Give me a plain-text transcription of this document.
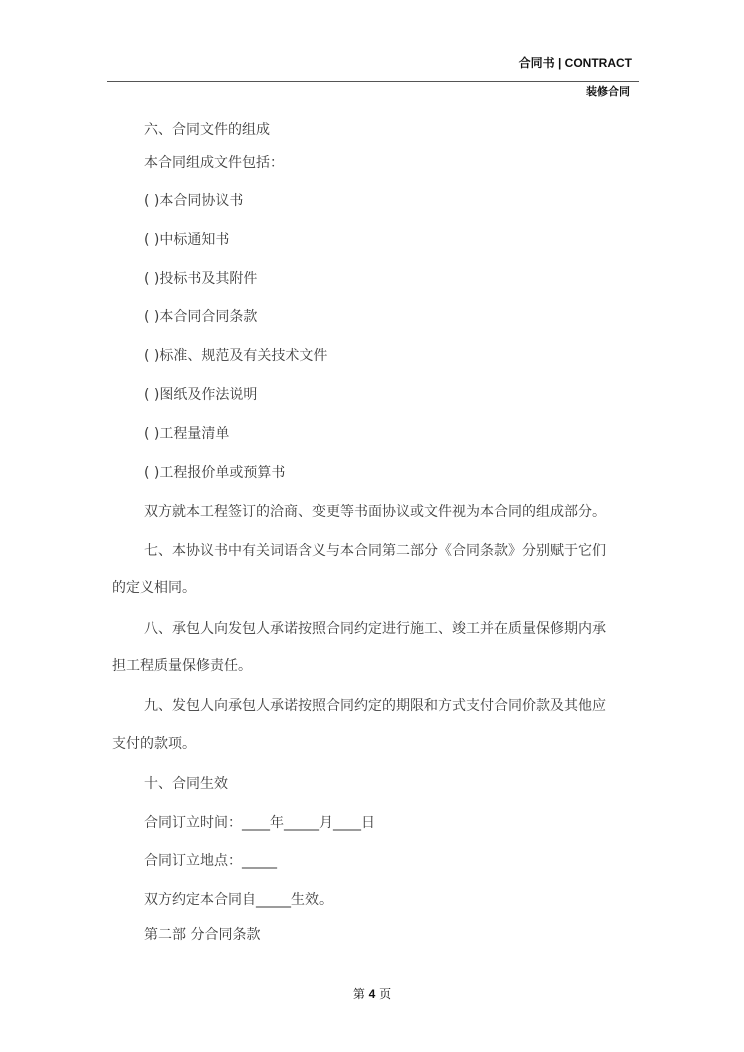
合同书 | CONTRACT
装修合同
六、合同文件的组成
本合同组成文件包括：
( )本合同协议书
( )中标通知书
( )投标书及其附件
( )本合同合同条款
( )标准、规范及有关技术文件
( )图纸及作法说明
( )工程量清单
( )工程报价单或预算书
双方就本工程签订的洽商、变更等书面协议或文件视为本合同的组成部分。
七、本协议书中有关词语含义与本合同第二部分《合同条款》分别赋于它们
的定义相同。
八、承包人向发包人承诺按照合同约定进行施工、竣工并在质量保修期内承
担工程质量保修责任。
九、发包人向承包人承诺按照合同约定的期限和方式支付合同价款及其他应
支付的款项。
十、合同生效
合同订立时间：____年_____月____日
合同订立地点：_____
双方约定本合同自_____生效。
第二部 分合同条款
第 4 页
